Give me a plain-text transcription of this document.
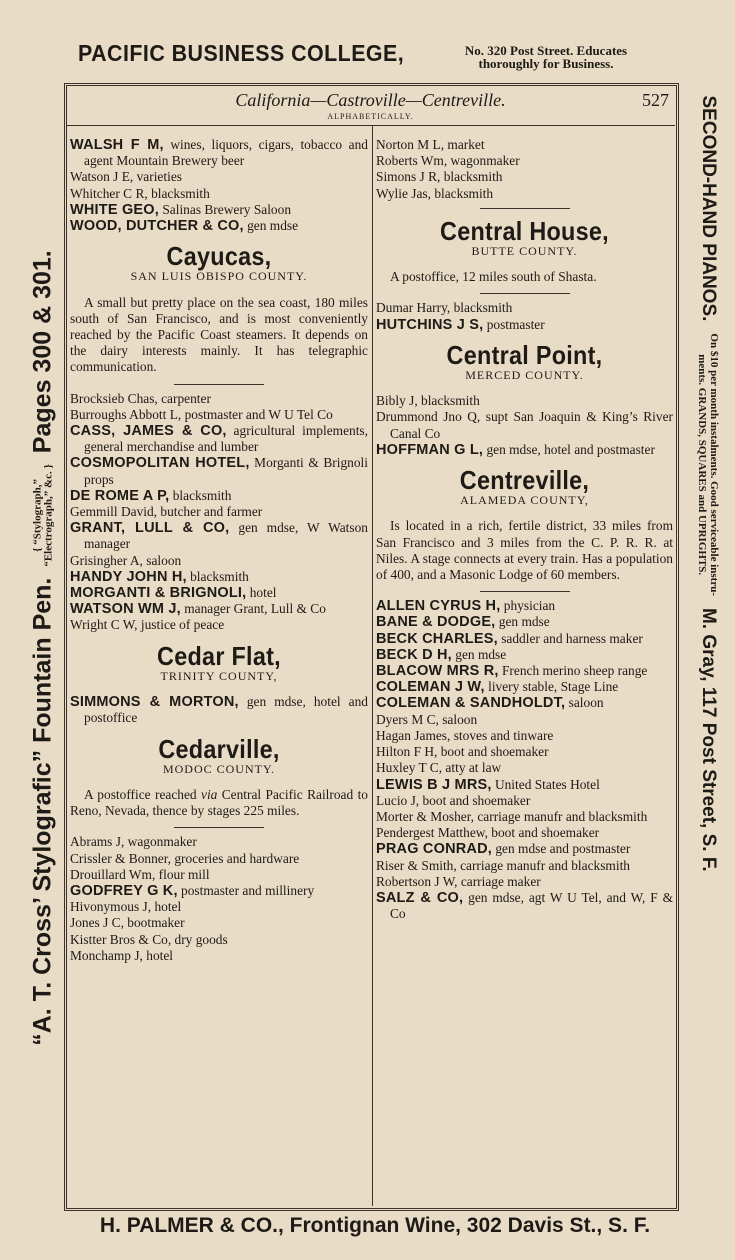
PACIFIC BUSINESS COLLEGE,	No. 320 Post Street. Educates
thoroughly for Business.
“A. T. Cross’ Stylografic” Fountain Pen. { “Stylograph,”
“Electrograph,” &c. } Pages 300 & 301.
SECOND-HAND PIANOS. On $10 per month instalments. Good serviceable instru-
ments. GRANDS, SQUARES and UPRIGHTS. M. Gray, 117 Post Street, S. F.
H. PALMER & CO., Frontignan Wine, 302 Davis St., S. F.
California—Castroville—Centreville.	527
ALPHABETICALLY.

WALSH F M, wines, liquors, cigars, tobacco and agent Mountain Brewery beer

Watson J E, varieties

Whitcher C R, blacksmith

WHITE GEO, Salinas Brewery Saloon

WOOD, DUTCHER & CO, gen mdse

Cayucas,
SAN LUIS OBISPO COUNTY.

A small but pretty place on the sea coast, 180 miles south of San Francisco, and is most conveniently reached by the Pacific Coast steamers. It depends on the dairy interests mainly. It has telegraphic communication.

Brocksieb Chas, carpenter

Burroughs Abbott L, postmaster and W U Tel Co

CASS, JAMES & CO, agricultural implements, general merchandise and lumber

COSMOPOLITAN HOTEL, Morganti & Brignoli props

DE ROME A P, blacksmith

Gemmill David, butcher and farmer

GRANT, LULL & CO, gen mdse, W Watson manager

Grisingher A, saloon

HANDY JOHN H, blacksmith

MORGANTI & BRIGNOLI, hotel

WATSON WM J, manager Grant, Lull & Co

Wright C W, justice of peace

Cedar Flat,
TRINITY COUNTY,

SIMMONS & MORTON, gen mdse, hotel and postoffice

Cedarville,
MODOC COUNTY.

A postoffice reached via Central Pacific Railroad to Reno, Nevada, thence by stages 225 miles.

Abrams J, wagonmaker

Crissler & Bonner, groceries and hardware

Drouillard Wm, flour mill

GODFREY G K, postmaster and millinery

Hivonymous J, hotel

Jones J C, bootmaker

Kistter Bros & Co, dry goods

Monchamp J, hotel

Norton M L, market

Roberts Wm, wagonmaker

Simons J R, blacksmith

Wylie Jas, blacksmith

Central House,
BUTTE COUNTY.

A postoffice, 12 miles south of Shasta.

Dumar Harry, blacksmith

HUTCHINS J S, postmaster

Central Point,
MERCED COUNTY.

Bibly J, blacksmith

Drummond Jno Q, supt San Joaquin & King’s River Canal Co

HOFFMAN G L, gen mdse, hotel and postmaster

Centreville,
ALAMEDA COUNTY,

Is located in a rich, fertile district, 33 miles from San Francisco and 3 miles from the C. P. R. R. at Niles. A stage connects at every train. Has a population of 400, and a Masonic Lodge of 60 members.

ALLEN CYRUS H, physician

BANE & DODGE, gen mdse

BECK CHARLES, saddler and harness maker

BECK D H, gen mdse

BLACOW MRS R, French merino sheep range

COLEMAN J W, livery stable, Stage Line

COLEMAN & SANDHOLDT, saloon

Dyers M C, saloon

Hagan James, stoves and tinware

Hilton F H, boot and shoemaker

Huxley T C, atty at law

LEWIS B J MRS, United States Hotel

Lucio J, boot and shoemaker

Morter & Mosher, carriage manufr and blacksmith

Pendergest Matthew, boot and shoemaker

PRAG CONRAD, gen mdse and postmaster

Riser & Smith, carriage manufr and blacksmith

Robertson J W, carriage maker

SALZ & CO, gen mdse, agt W U Tel, and W, F & Co
